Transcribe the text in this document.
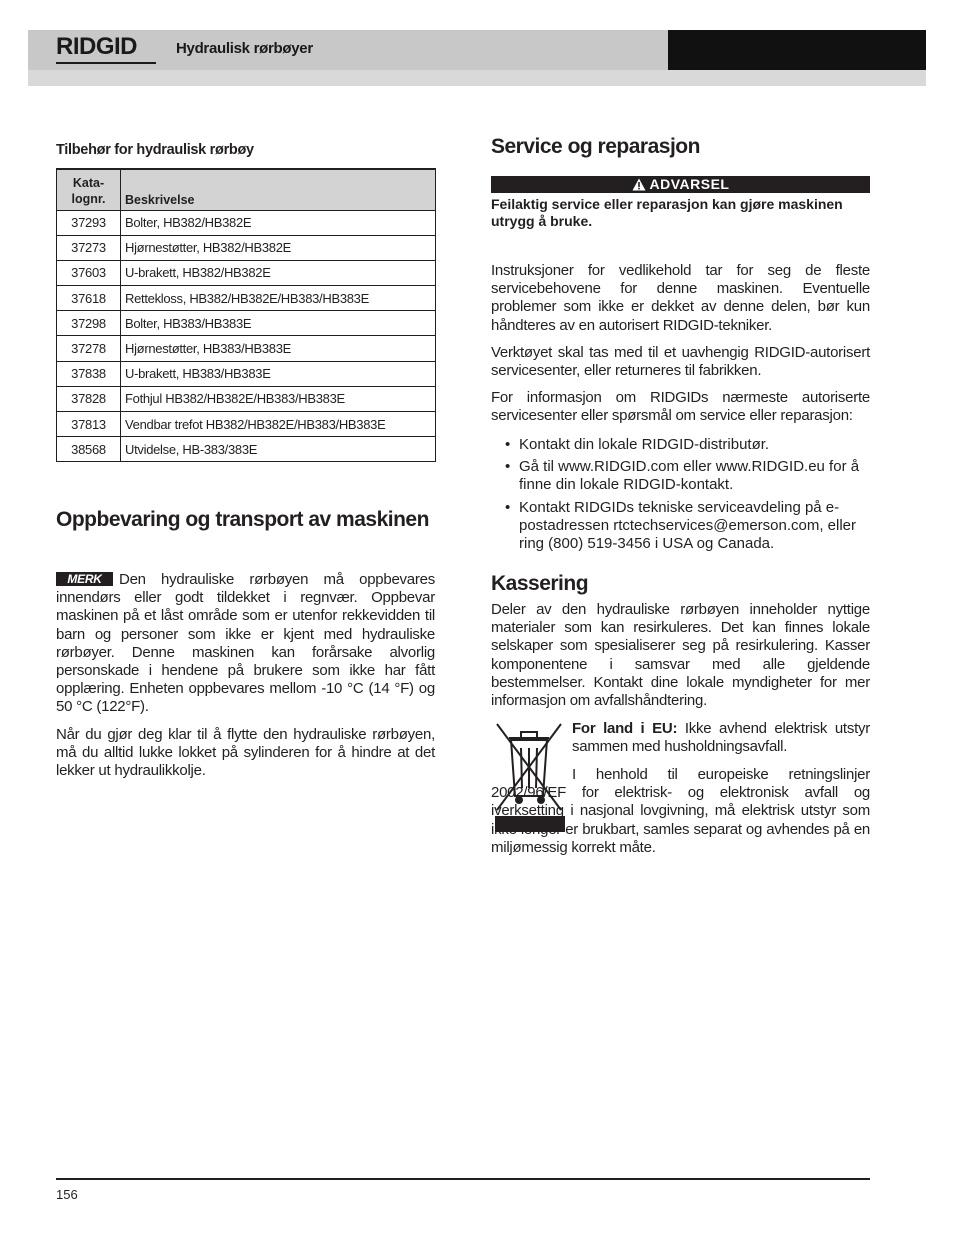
RIDGID	Hydraulisk rørbøyer
Tilbehør for hydraulisk rørbøy
Kata-
lognr.	Beskrivelse
37293	Bolter, HB382/HB382E
37273	Hjørnestøtter, HB382/HB382E
37603	U-brakett, HB382/HB382E
37618	Rettekloss, HB382/HB382E/HB383/HB383E
37298	Bolter, HB383/HB383E
37278	Hjørnestøtter, HB383/HB383E
37838	U-brakett, HB383/HB383E
37828	Fothjul HB382/HB382E/HB383/HB383E
37813	Vendbar trefot HB382/HB382E/HB383/HB383E
38568	Utvidelse, HB-383/383E
Oppbevaring og transport av maskinen
MERK Den hydrauliske rørbøyen må oppbevares innendørs eller godt tildekket i regnvær. Oppbevar maskinen på et låst område som er utenfor rekkevidden til barn og personer som ikke er kjent med hydrauliske rørbøyer. Denne maskinen kan forårsake alvorlig personskade i hendene på brukere som ikke har fått opplæring. Enheten oppbevares mellom -10 °C (14 °F) og 50 °C (122°F).
Når du gjør deg klar til å flytte den hydrauliske rørbøyen, må du alltid lukke lokket på sylinderen for å hindre at det lekker ut hydraulikkolje.
Service og reparasjon
ADVARSEL
Feilaktig service eller reparasjon kan gjøre maskinen utrygg å bruke.
Instruksjoner for vedlikehold tar for seg de fleste servicebehovene for denne maskinen. Eventuelle problemer som ikke er dekket av denne delen, bør kun håndteres av en autorisert RIDGID-tekniker.
Verktøyet skal tas med til et uavhengig RIDGID-autorisert servicesenter, eller returneres til fabrikken.
For informasjon om RIDGIDs nærmeste autoriserte servicesenter eller spørsmål om service eller reparasjon:
• Kontakt din lokale RIDGID-distributør.
• Gå til www.RIDGID.com eller www.RIDGID.eu for å finne din lokale RIDGID-kontakt.
• Kontakt RIDGIDs tekniske serviceavdeling på e-postadressen rtctechservices@emerson.com, eller ring (800) 519-3456 i USA og Canada.
Kassering
Deler av den hydrauliske rørbøyen inneholder nyttige materialer som kan resirkuleres. Det kan finnes lokale selskaper som spesialiserer seg på resirkulering. Kasser komponentene i samsvar med alle gjeldende bestemmelser. Kontakt dine lokale myndigheter for mer informasjon om avfallshåndtering.
For land i EU: Ikke avhend elektrisk utstyr sammen med husholdningsavfall.
I henhold til europeiske retningslinjer 2002/96/EF for elektrisk- og elektronisk avfall og iverksetting i nasjonal lovgivning, må elektrisk utstyr som ikke lenger er brukbart, samles separat og avhendes på en miljømessig korrekt måte.
156
